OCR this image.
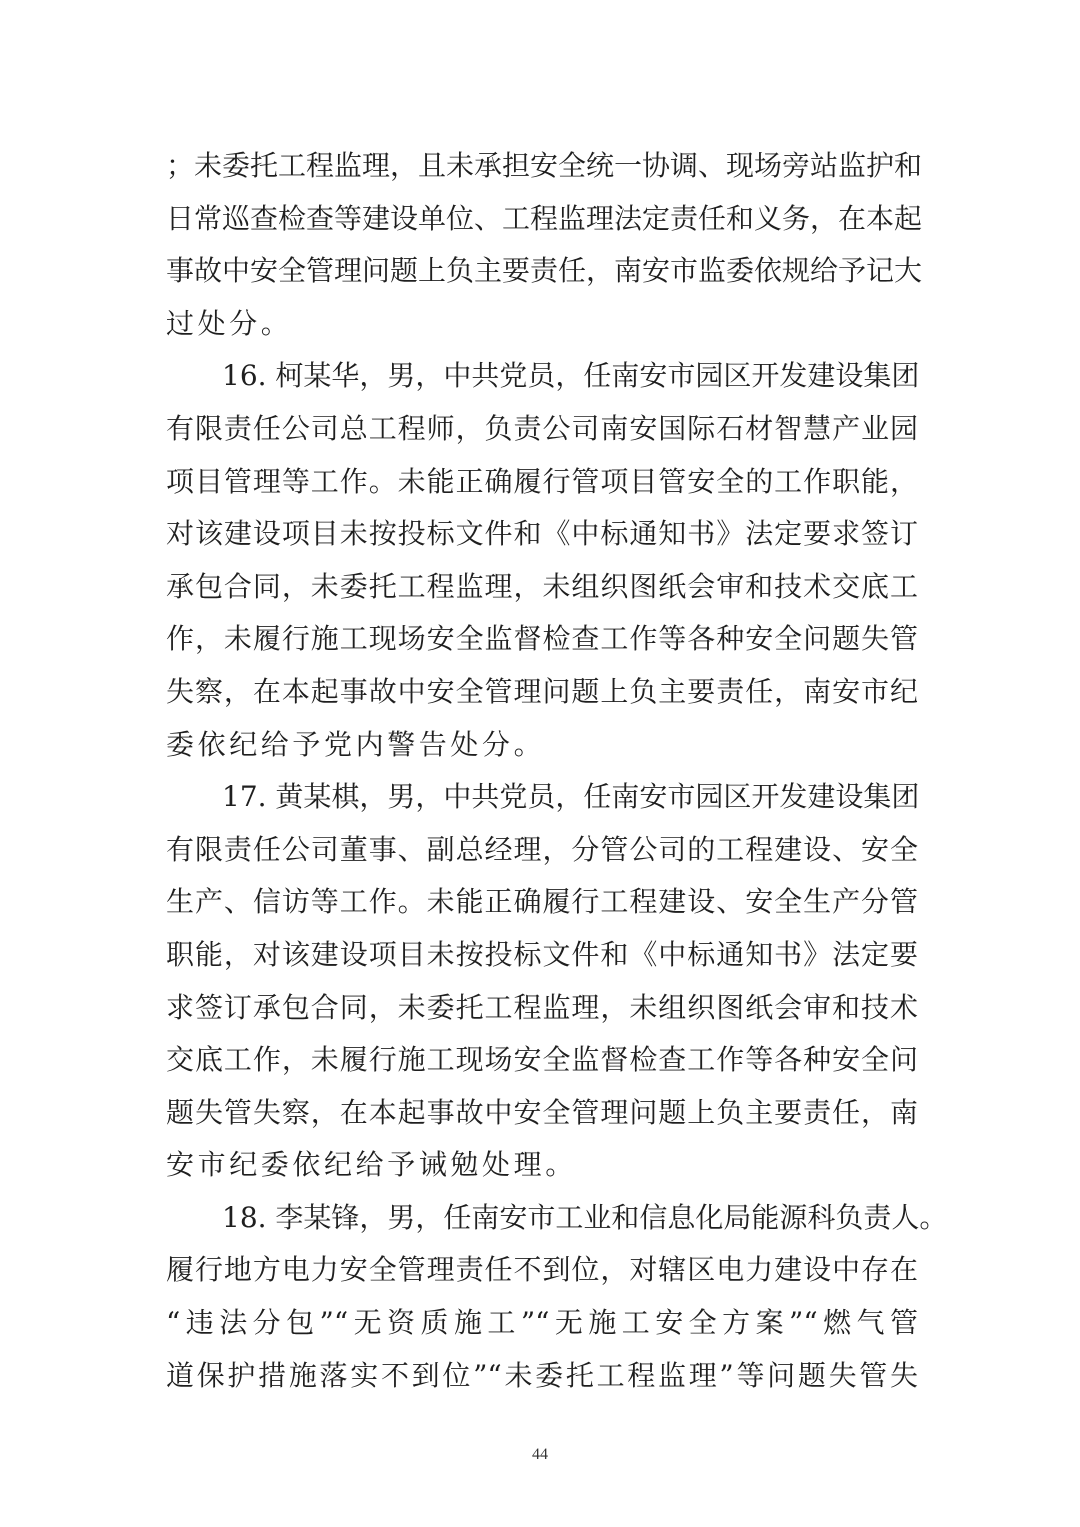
；未委托工程监理，且未承担安全统一协调、现场旁站监护和
日常巡查检查等建设单位、工程监理法定责任和义务，在本起
事故中安全管理问题上负主要责任，南安市监委依规给予记大
过处分。
16. 柯某华，男，中共党员，任南安市园区开发建设集团
有限责任公司总工程师，负责公司南安国际石材智慧产业园
项目管理等工作。未能正确履行管项目管安全的工作职能，
对该建设项目未按投标文件和《中标通知书》法定要求签订
承包合同，未委托工程监理，未组织图纸会审和技术交底工
作，未履行施工现场安全监督检查工作等各种安全问题失管
失察，在本起事故中安全管理问题上负主要责任，南安市纪
委依纪给予党内警告处分。
17. 黄某棋，男，中共党员，任南安市园区开发建设集团
有限责任公司董事、副总经理，分管公司的工程建设、安全
生产、信访等工作。未能正确履行工程建设、安全生产分管
职能，对该建设项目未按投标文件和《中标通知书》法定要
求签订承包合同，未委托工程监理，未组织图纸会审和技术
交底工作，未履行施工现场安全监督检查工作等各种安全问
题失管失察，在本起事故中安全管理问题上负主要责任，南
安市纪委依纪给予诫勉处理。
18. 李某锋，男，任南安市工业和信息化局能源科负责人。
履行地方电力安全管理责任不到位，对辖区电力建设中存在
“违法分包”“无资质施工”“无施工安全方案”“燃气管
道保护措施落实不到位”“未委托工程监理”等问题失管失
44
